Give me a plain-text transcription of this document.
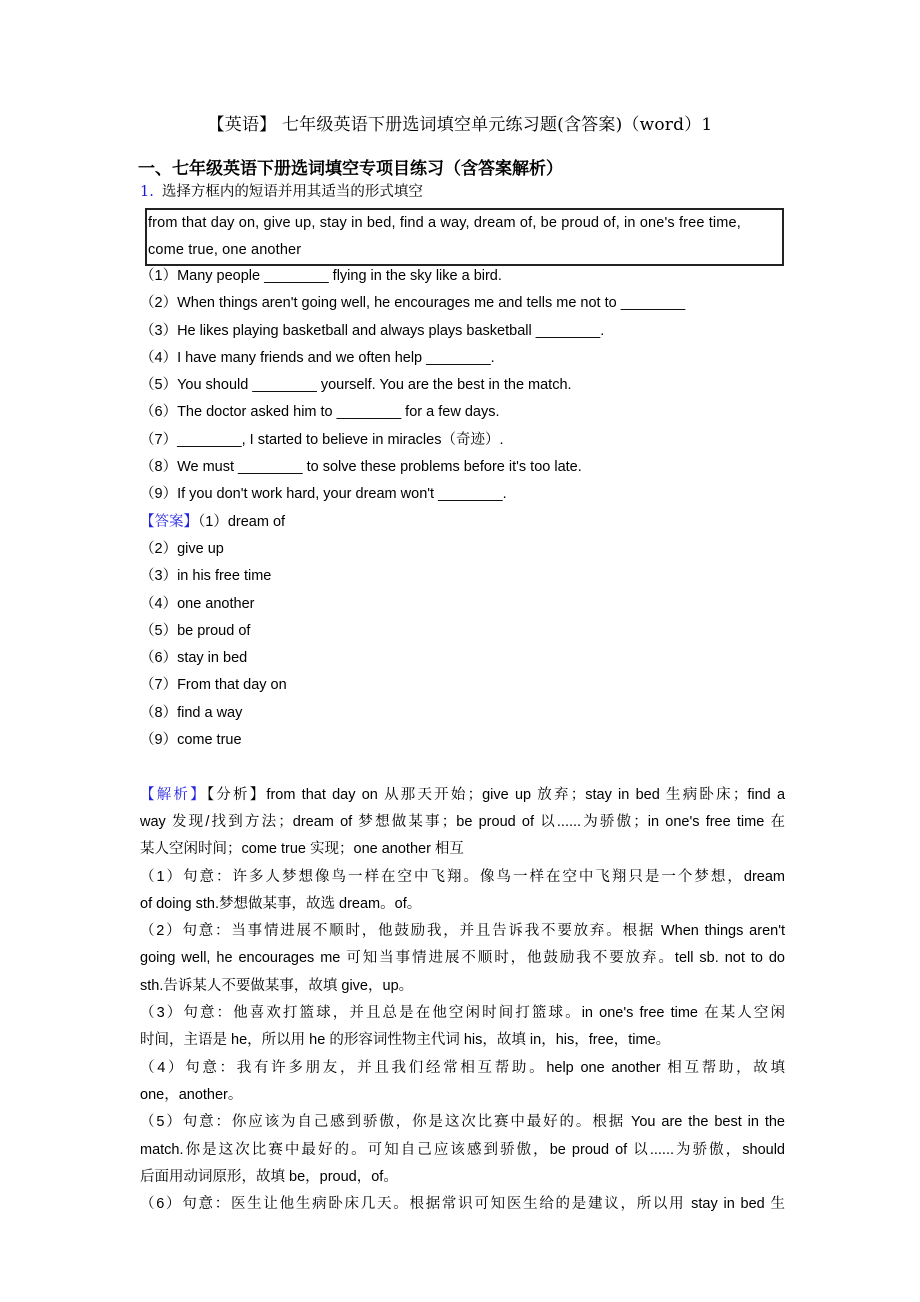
【英语】 七年级英语下册选词填空单元练习题(含答案)（word）1
一、七年级英语下册选词填空专项目练习（含答案解析）
1. 选择方框内的短语并用其适当的形式填空
from that day on, give up, stay in bed, find a way, dream of, be proud of, in one's free time,
come true, one another
（1）Many people ________ flying in the sky like a bird.
（2）When things aren't going well, he encourages me and tells me not to ________
（3）He likes playing basketball and always plays basketball ________.
（4）I have many friends and we often help ________.
（5）You should ________ yourself. You are the best in the match.
（6）The doctor asked him to ________ for a few days.
（7）________, I started to believe in miracles（奇迹）.
（8）We must ________ to solve these problems before it's too late.
（9）If you don't work hard, your dream won't ________.
【答案】（1）dream of
（2）give up
（3）in his free time
（4）one another
（5）be proud of
（6）stay in bed
（7）From that day on
（8）find a way
（9）come true
【解析】【分析】from that day on 从那天开始；give up 放弃；stay in bed 生病卧床；find a
way 发现/找到方法；dream of 梦想做某事；be proud of 以......为骄傲；in one's free time 在
某人空闲时间；come true 实现；one another 相互
（1）句意：许多人梦想像鸟一样在空中飞翔。像鸟一样在空中飞翔只是一个梦想，dream
of doing sth.梦想做某事，故选 dream。of。
（2）句意：当事情进展不顺时，他鼓励我，并且告诉我不要放弃。根据 When things aren't
going well, he encourages me 可知当事情进展不顺时，他鼓励我不要放弃。tell sb. not to do
sth.告诉某人不要做某事，故填 give，up。
（3）句意：他喜欢打篮球，并且总是在他空闲时间打篮球。in one's free time 在某人空闲
时间，主语是 he，所以用 he 的形容词性物主代词 his，故填 in，his，free，time。
（4）句意：我有许多朋友，并且我们经常相互帮助。help one another 相互帮助，故填
one，another。
（5）句意：你应该为自己感到骄傲，你是这次比赛中最好的。根据 You are the best in the
match.你是这次比赛中最好的。可知自己应该感到骄傲，be proud of 以......为骄傲，should
后面用动词原形，故填 be，proud，of。
（6）句意：医生让他生病卧床几天。根据常识可知医生给的是建议，所以用 stay in bed 生
